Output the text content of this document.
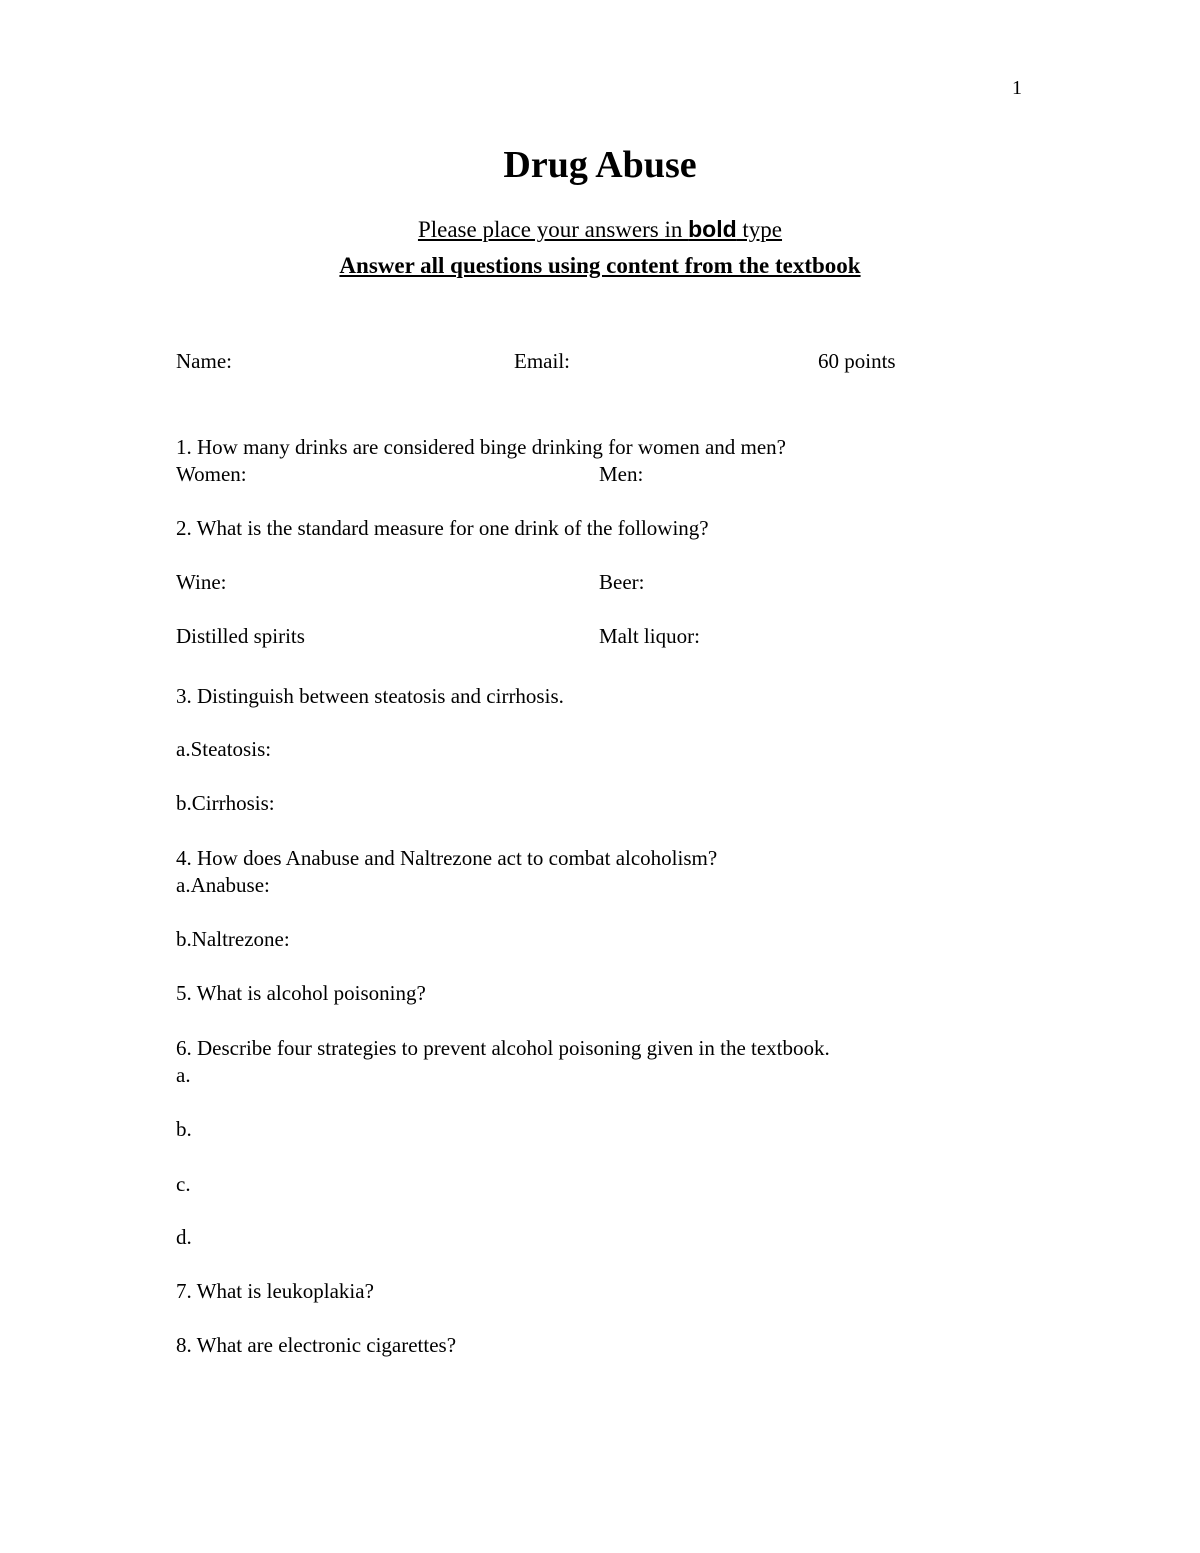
1
Drug Abuse
Please place your answers in bold type
Answer all questions using content from the textbook
Name:	Email:	60 points
1. How many drinks are considered binge drinking for women and men?
Women:	Men:
2. What is the standard measure for one drink of the following?
Wine:	Beer:
Distilled spirits	Malt liquor:
3. Distinguish between steatosis and cirrhosis.
a.Steatosis:
b.Cirrhosis:
4. How does Anabuse and Naltrezone act to combat alcoholism?
a.Anabuse:
b.Naltrezone:
5. What is alcohol poisoning?
6. Describe four strategies to prevent alcohol poisoning given in the textbook.
a.
b.
c.
d.
7. What is leukoplakia?
8. What are electronic cigarettes?
